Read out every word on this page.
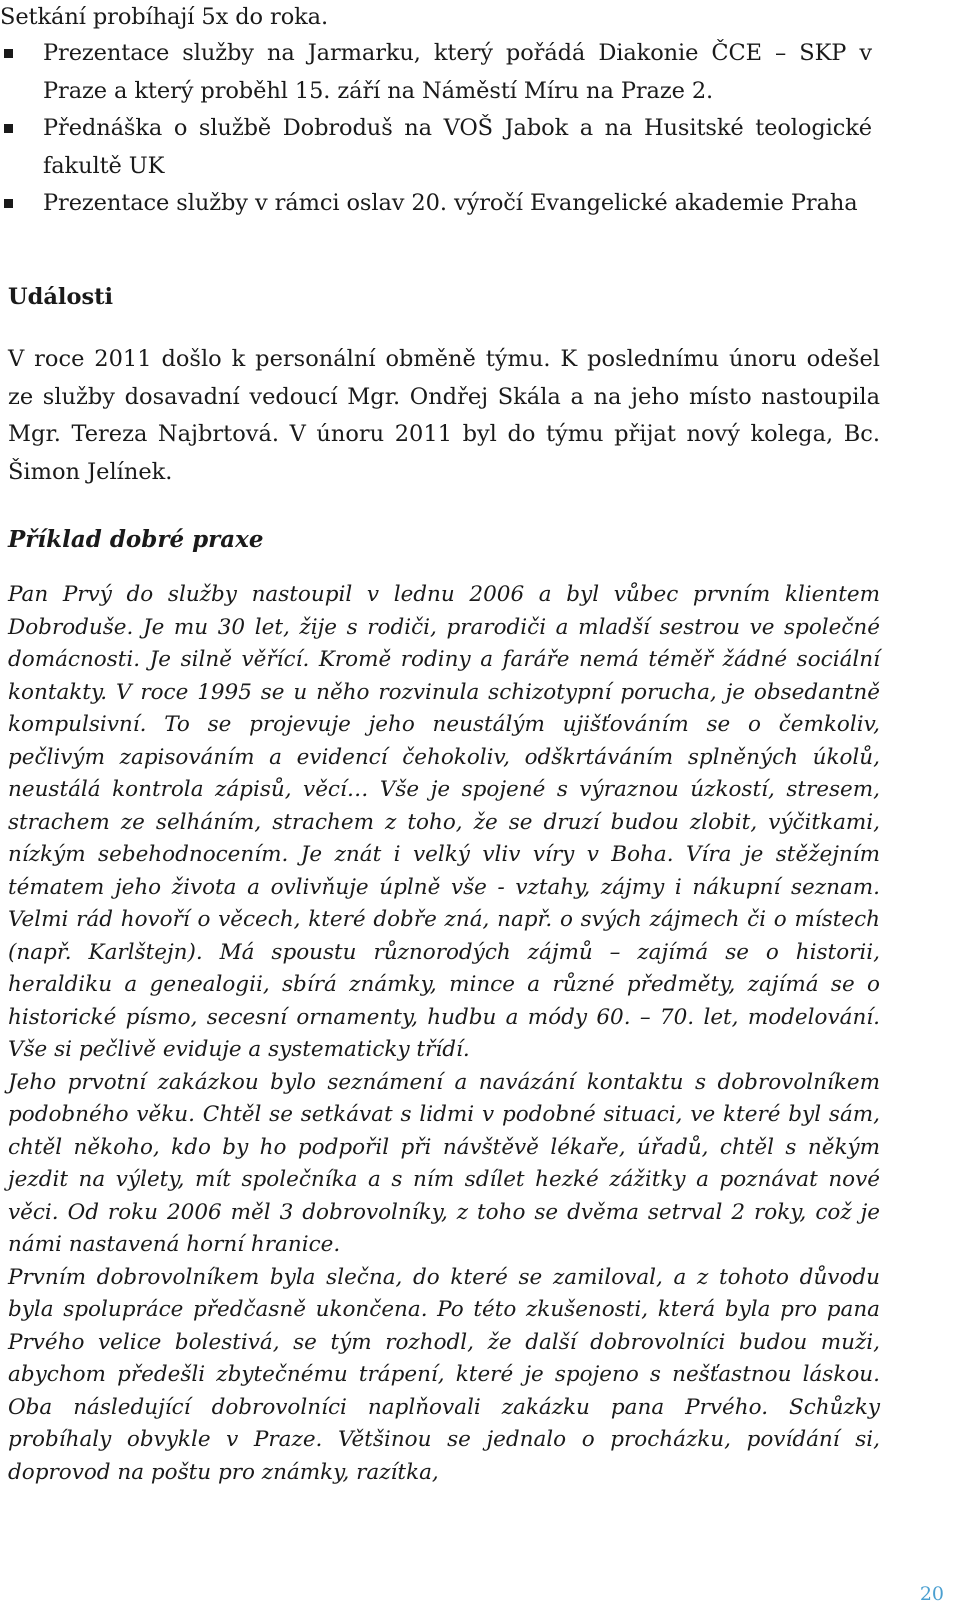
Setkání probíhají 5x do roka.

Prezentace služby na Jarmarku, který pořádá Diakonie ČCE – SKP v Praze a který proběhl 15. září na Náměstí Míru na Praze 2.
Přednáška o službě Dobroduš na VOŠ Jabok a na Husitské teologické fakultě UK
Prezentace služby v rámci oslav 20. výročí Evangelické akademie Praha
Události

V roce 2011 došlo k personální obměně týmu. K poslednímu únoru odešel ze služby dosavadní vedoucí Mgr. Ondřej Skála a na jeho místo nastoupila Mgr. Tereza Najbrtová. V únoru 2011 byl do týmu přijat nový kolega, Bc. Šimon Jelínek.

Příklad dobré praxe

Pan Prvý do služby nastoupil v lednu 2006 a byl vůbec prvním klientem Dobroduše. Je mu 30 let, žije s rodiči, prarodiči a mladší sestrou ve společné domácnosti. Je silně věřící. Kromě rodiny a faráře nemá téměř žádné sociální kontakty. V roce 1995 se u něho rozvinula schizotypní porucha, je obsedantně kompulsivní. To se projevuje jeho neustálým ujišťováním se o čemkoliv, pečlivým zapisováním a evidencí čehokoliv, odškrtáváním splněných úkolů, neustálá kontrola zápisů, věcí… Vše je spojené s výraznou úzkostí, stresem, strachem ze selháním, strachem z toho, že se druzí budou zlobit, výčitkami, nízkým sebehodnocením. Je znát i velký vliv víry v Boha. Víra je stěžejním tématem jeho života a ovlivňuje úplně vše - vztahy, zájmy i nákupní seznam. Velmi rád hovoří o věcech, které dobře zná, např. o svých zájmech či o místech (např. Karlštejn). Má spoustu různorodých zájmů – zajímá se o historii, heraldiku a genealogii, sbírá známky, mince a různé předměty, zajímá se o historické písmo, secesní ornamenty, hudbu a módy 60. – 70. let, modelování. Vše si pečlivě eviduje a systematicky třídí.

Jeho prvotní zakázkou bylo seznámení a navázání kontaktu s dobrovolníkem podobného věku. Chtěl se setkávat s lidmi v podobné situaci, ve které byl sám, chtěl někoho, kdo by ho podpořil při návštěvě lékaře, úřadů, chtěl s někým jezdit na výlety, mít společníka a s ním sdílet hezké zážitky a poznávat nové věci. Od roku 2006 měl 3 dobrovolníky, z toho se dvěma setrval 2 roky, což je námi nastavená horní hranice.

Prvním dobrovolníkem byla slečna, do které se zamiloval, a z tohoto důvodu byla spolupráce předčasně ukončena. Po této zkušenosti, která byla pro pana Prvého velice bolestivá, se tým rozhodl, že další dobrovolníci budou muži, abychom předešli zbytečnému trápení, které je spojeno s nešťastnou láskou. Oba následující dobrovolníci naplňovali zakázku pana Prvého. Schůzky probíhaly obvykle v Praze. Většinou se jednalo o procházku, povídání si, doprovod na poštu pro známky, razítka,

20
